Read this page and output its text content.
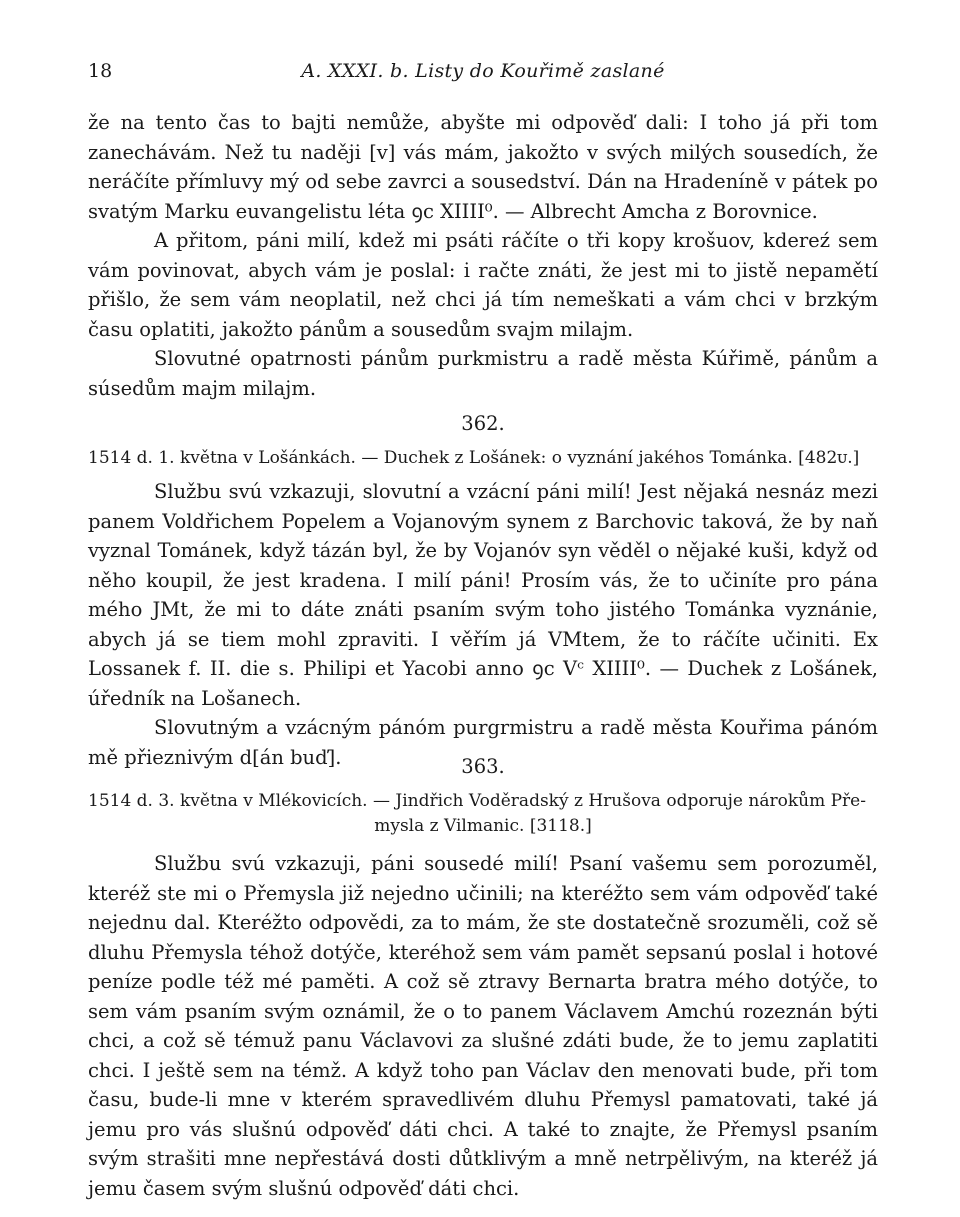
18	A. XXXI. b. Listy do Kouřimě zaslané

že na tento čas to bajti nemůže, abyšte mi odpověď dali: I toho já při tom zanechávám. Než tu naději [v] vás mám, jakožto v svých milých sousedích, že neráčíte přímluvy mý od sebe zavrci a sousedství. Dán na Hradeníně v pátek po svatým Marku euvangelistu léta ꝯc XIIII⁰. — Albrecht Amcha z Borovnice.

A přitom, páni milí, kdež mi psáti ráčíte o tři kopy krošuov, kdereź sem vám povinovat, abych vám je poslal: i račte znáti, že jest mi to jistě nepamětí přišlo, že sem vám neoplatil, než chci já tím nemeškati a vám chci v brzkým času oplatiti, jakožto pánům a sousedům svajm milajm.

Slovutné opatrnosti pánům purkmistru a radě města Kúřimě, pánům a súsedům majm milajm.

362.

1514 d. 1. května v Lošánkách. — Duchek z Lošánek: o vyznání jakéhos Tománka. [482ᴜ.]

Službu svú vzkazuji, slovutní a vzácní páni milí! Jest nějaká nesnáz mezi panem Voldřichem Popelem a Vojanovým synem z Barchovic taková, že by naň vyznal Tománek, když tázán byl, že by Vojanóv syn věděl o nějaké kuši, když od něho koupil, že jest kradena. I milí páni! Prosím vás, že to učiníte pro pána mého JMt, že mi to dáte znáti psaním svým toho jistého Tománka vyznánie, abych já se tiem mohl zpraviti. I věřím já VMtem, že to ráčíte učiniti. Ex Lossanek f. II. die s. Philipi et Yacobi anno ꝯc Vᶜ XIIII⁰. — Duchek z Lošánek, úředník na Lošanech.

Slovutným a vzácným pánóm purgrmistru a radě města Kouřima pánóm mě přieznivým d[án buď].	363.

1514 d. 3. května v Mlékovicích. — Jindřich Voděradský z Hrušova odporuje nárokům Pře-

mysla z Vilmanic. [3118.]

Službu svú vzkazuji, páni sousedé milí! Psaní vašemu sem porozuměl, kteréž ste mi o Přemysla již nejedno učinili; na kteréžto sem vám odpověď také nejednu dal. Kteréžto odpovědi, za to mám, že ste dostatečně srozuměli, což sě dluhu Přemysla téhož dotýče, kteréhož sem vám pamět sepsanú poslal i hotové peníze podle též mé paměti. A což sě ztravy Bernarta bratra mého dotýče, to sem vám psaním svým oznámil, že o to panem Václavem Amchú rozeznán býti chci, a což sě témuž panu Václavovi za slušné zdáti bude, že to jemu zaplatiti chci. I ještě sem na témž. A když toho pan Václav den menovati bude, při tom času, bude-li mne v kterém spravedlivém dluhu Přemysl pamatovati, také já jemu pro vás slušnú odpověď dáti chci. A také to znajte, že Přemysl psaním svým strašiti mne nepřestává dosti důtklivým a mně netrpělivým, na kteréž já jemu časem svým slušnú odpověď dáti chci.
